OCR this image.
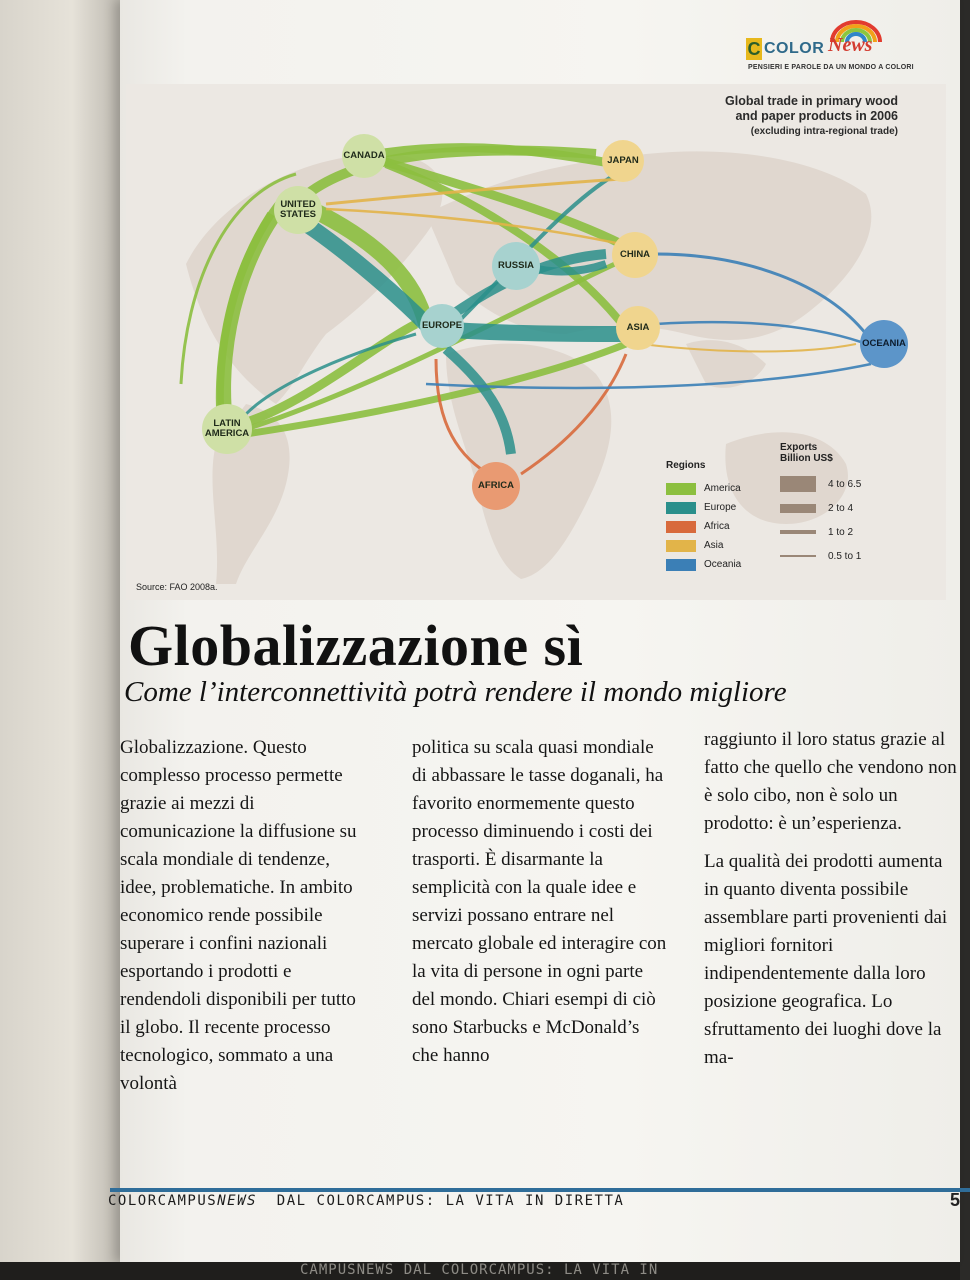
C COLOR News
PENSIERI E PAROLE DA UN MONDO A COLORI
Global trade in primary wood
and paper products in 2006
(excluding intra-regional trade)
CANADA	JAPAN
UNITED STATES
CHINA
RUSSIA
EUROPE	ASIA
OCEANIA
LATIN AMERICA
AFRICA
Regions
America
Europe
Africa
Asia
Oceania
Exports
Billion US$
4 to 6.5
2 to 4
1 to 2
0.5 to 1
Source: FAO 2008a.
Globalizzazione sì
Come l’interconnettività potrà rendere il mondo migliore

Globalizzazione. Questo complesso processo permette grazie ai mezzi di comunicazione la diffusione su scala mondiale di tendenze, idee, problematiche. In ambito economico rende possibile superare i confini nazionali esportando i prodotti e rendendoli disponibili per tutto il globo. Il recente processo tecnologico, sommato a una volontà

politica su scala quasi mondiale di abbassare le tasse doganali, ha favorito enormemente questo processo diminuendo i costi dei trasporti. È disarmante la semplicità con la quale idee e servizi possano entrare nel mercato globale ed interagire con la vita di persone in ogni parte del mondo. Chiari esempi di ciò sono Starbucks e McDonald’s che hanno

raggiunto il loro status grazie al fatto che quello che vendono non è solo cibo, non è solo un prodotto: è un’esperienza.

La qualità dei prodotti aumenta in quanto diventa possibile assemblare parti provenienti dai migliori fornitori indipendentemente dalla loro posizione geografica. Lo sfruttamento dei luoghi dove la ma-

COLORCAMPUSNEWS DAL COLORCAMPUS: LA VITA IN DIRETTA	5
CAMPUSNEWS DAL COLORCAMPUS: LA VITA IN
